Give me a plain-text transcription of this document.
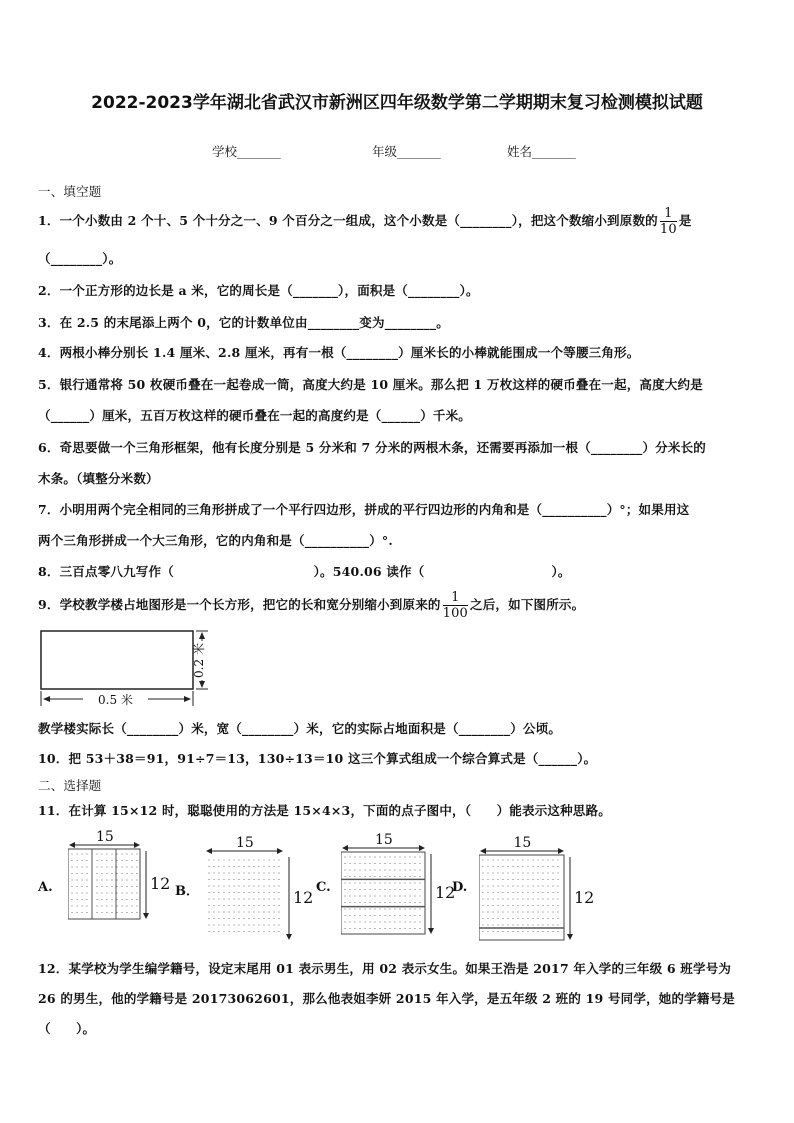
2022-2023学年湖北省武汉市新洲区四年级数学第二学期期末复习检测模拟试题
学校_______	年级_______	姓名_______
一、填空题
1．一个小数由 2 个十、5 个十分之一、9 个百分之一组成，这个小数是（________），把这个数缩小到原数的 $\frac{1}{10}$ 是
（________）。
2．一个正方形的边长是 a 米，它的周长是（_______），面积是（________）。
3．在 2.5 的末尾添上两个 0，它的计数单位由________变为________。
4．两根小棒分别长 1.4 厘米、2.8 厘米，再有一根（________）厘米长的小棒就能围成一个等腰三角形。
5．银行通常将 50 枚硬币叠在一起卷成一筒，高度大约是 10 厘米。那么把 1 万枚这样的硬币叠在一起，高度大约是
（______）厘米，五百万枚这样的硬币叠在一起的高度约是（______）千米。
6．奇思要做一个三角形框架，他有长度分别是 5 分米和 7 分米的两根木条，还需要再添加一根（________）分米长的
木条。（填整分米数）
7．小明用两个完全相同的三角形拼成了一个平行四边形，拼成的平行四边形的内角和是（__________）°；如果用这
两个三角形拼成一个大三角形，它的内角和是（__________）°.
8．三百点零八九写作（　　　　　　　　　　　）。540.06 读作（　　　　　　　　　　）。
9．学校教学楼占地图形是一个长方形，把它的长和宽分别缩小到原来的 $\frac{1}{100}$ 之后，如下图所示。
0.5 米
0.2 米
教学楼实际长（________）米，宽（________）米，它的实际占地面积是（________）公顷。
10．把 53＋38＝91，91÷7＝13，130÷13＝10 这三个算式组成一个综合算式是（______）。
二、选择题
11．在计算 15×12 时，聪聪使用的方法是 15×4×3，下面的点子图中，（　　）能表示这种思路。
A.
15
12 B．
15
12 C.
15
12
D.
15
12
12．某学校为学生编学籍号，设定末尾用 01 表示男生，用 02 表示女生。如果王浩是 2017 年入学的三年级 6 班学号为
26 的男生，他的学籍号是 20173062601，那么他表姐李妍 2015 年入学，是五年级 2 班的 19 号同学，她的学籍号是
（　　）。
